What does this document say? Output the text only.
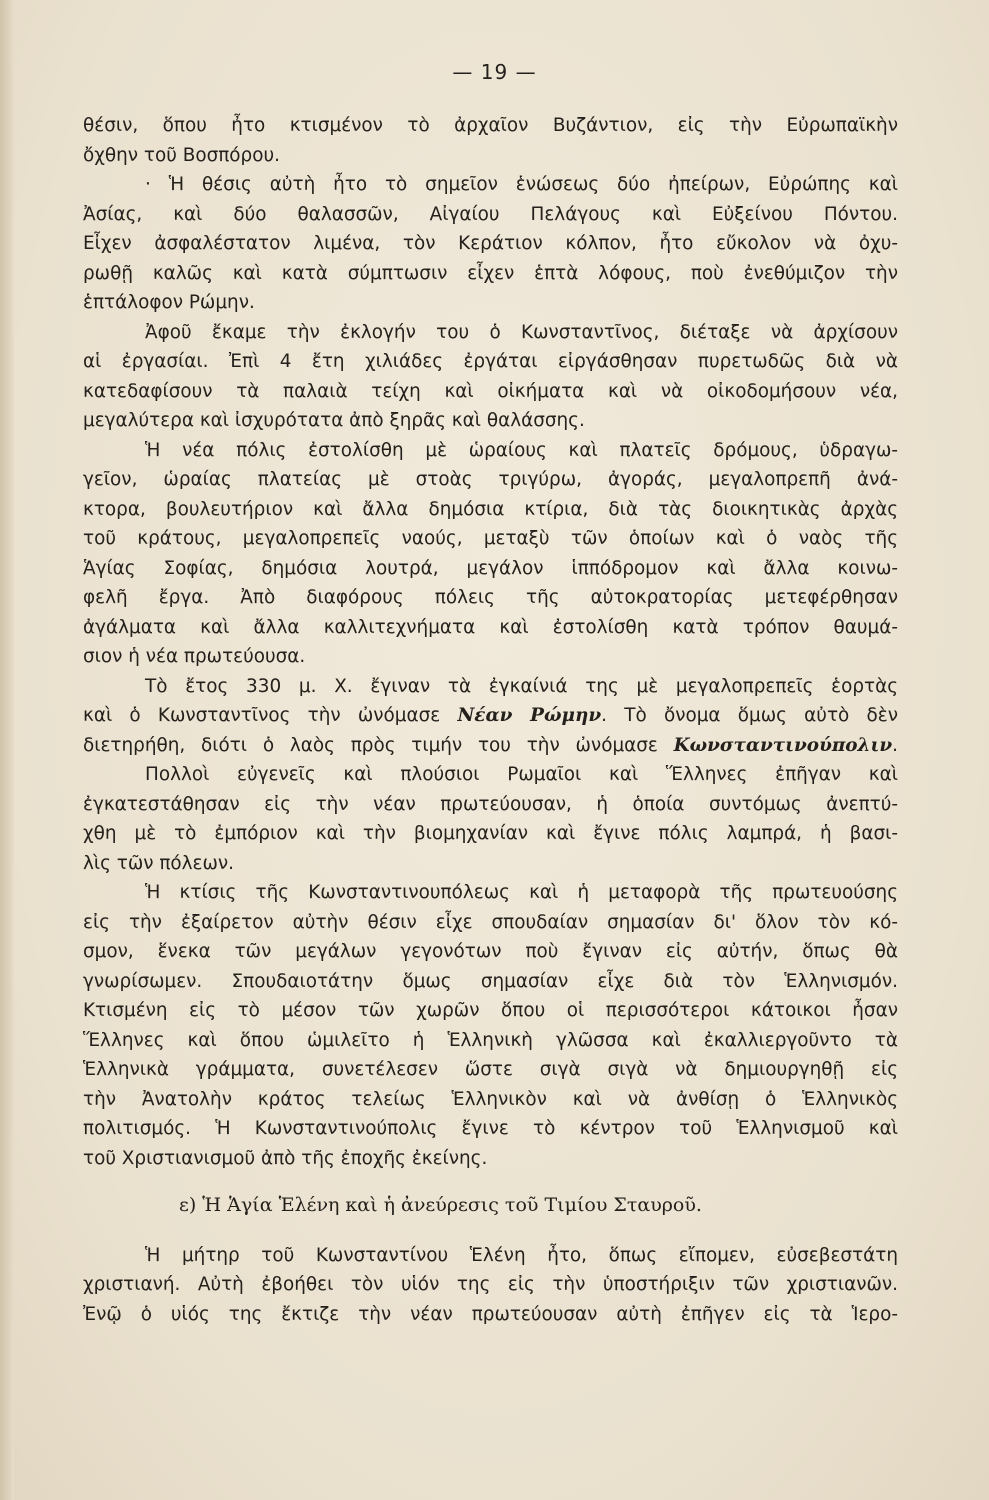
— 19 —
θέσιν, ὅπου ἦτο κτισμένον τὸ ἀρχαῖον Βυζάντιον, εἰς τὴν Εὐρωπαϊκὴν
ὄχθην τοῦ Βοσπόρου.
· Ἡ θέσις αὐτὴ ἦτο τὸ σημεῖον ἑνώσεως δύο ἠπείρων, Εὐρώπης καὶ
Ἀσίας, καὶ δύο θαλασσῶν, Αἰγαίου Πελάγους καὶ Εὐξείνου Πόντου.
Εἶχεν ἀσφαλέστατον λιμένα, τὸν Κεράτιον κόλπον, ἦτο εὔκολον νὰ ὀχυ-
ρωθῇ καλῶς καὶ κατὰ σύμπτωσιν εἶχεν ἑπτὰ λόφους, ποὺ ἐνεθύμιζον τὴν
ἑπτάλοφον Ρώμην.
Ἀφοῦ ἔκαμε τὴν ἐκλογήν του ὁ Κωνσταντῖνος, διέταξε νὰ ἀρχίσουν
αἱ ἐργασίαι. Ἐπὶ 4 ἔτη χιλιάδες ἐργάται εἰργάσθησαν πυρετωδῶς διὰ νὰ
κατεδαφίσουν τὰ παλαιὰ τείχη καὶ οἰκήματα καὶ νὰ οἰκοδομήσουν νέα,
μεγαλύτερα καὶ ἰσχυρότατα ἀπὸ ξηρᾶς καὶ θαλάσσης.
Ἡ νέα πόλις ἐστολίσθη μὲ ὡραίους καὶ πλατεῖς δρόμους, ὑδραγω-
γεῖον, ὡραίας πλατείας μὲ στοὰς τριγύρω, ἀγοράς, μεγαλοπρεπῆ ἀνά-
κτορα, βουλευτήριον καὶ ἄλλα δημόσια κτίρια, διὰ τὰς διοικητικὰς ἀρχὰς
τοῦ κράτους, μεγαλοπρεπεῖς ναούς, μεταξὺ τῶν ὁποίων καὶ ὁ ναὸς τῆς
Ἁγίας Σοφίας, δημόσια λουτρά, μεγάλον ἱππόδρομον καὶ ἄλλα κοινω-
φελῆ ἔργα. Ἀπὸ διαφόρους πόλεις τῆς αὐτοκρατορίας μετεφέρθησαν
ἀγάλματα καὶ ἄλλα καλλιτεχνήματα καὶ ἐστολίσθη κατὰ τρόπον θαυμά-
σιον ἡ νέα πρωτεύουσα.
Τὸ ἔτος 330 μ. Χ. ἔγιναν τὰ ἐγκαίνιά της μὲ μεγαλοπρεπεῖς ἑορτὰς
καὶ ὁ Κωνσταντῖνος τὴν ὠνόμασε Νέαν Ρώμην. Τὸ ὄνομα ὅμως αὐτὸ δὲν
διετηρήθη, διότι ὁ λαὸς πρὸς τιμήν του τὴν ὠνόμασε Κωνσταντινούπολιν.
Πολλοὶ εὐγενεῖς καὶ πλούσιοι Ρωμαῖοι καὶ Ἕλληνες ἐπῆγαν καὶ
ἐγκατεστάθησαν εἰς τὴν νέαν πρωτεύουσαν, ἡ ὁποία συντόμως ἀνεπτύ-
χθη μὲ τὸ ἐμπόριον καὶ τὴν βιομηχανίαν καὶ ἔγινε πόλις λαμπρά, ἡ βασι-
λὶς τῶν πόλεων.
Ἡ κτίσις τῆς Κωνσταντινουπόλεως καὶ ἡ μεταφορὰ τῆς πρωτευούσης
εἰς τὴν ἐξαίρετον αὐτὴν θέσιν εἶχε σπουδαίαν σημασίαν δι' ὅλον τὸν κό-
σμον, ἕνεκα τῶν μεγάλων γεγονότων ποὺ ἔγιναν εἰς αὐτήν, ὅπως θὰ
γνωρίσωμεν. Σπουδαιοτάτην ὅμως σημασίαν εἶχε διὰ τὸν Ἑλληνισμόν.
Κτισμένη εἰς τὸ μέσον τῶν χωρῶν ὅπου οἱ περισσότεροι κάτοικοι ἦσαν
Ἕλληνες καὶ ὅπου ὡμιλεῖτο ἡ Ἑλληνικὴ γλῶσσα καὶ ἐκαλλιεργοῦντο τὰ
Ἑλληνικὰ γράμματα, συνετέλεσεν ὥστε σιγὰ σιγὰ νὰ δημιουργηθῇ εἰς
τὴν Ἀνατολὴν κράτος τελείως Ἑλληνικὸν καὶ νὰ ἀνθίσῃ ὁ Ἑλληνικὸς
πολιτισμός. Ἡ Κωνσταντινούπολις ἔγινε τὸ κέντρον τοῦ Ἑλληνισμοῦ καὶ
τοῦ Χριστιανισμοῦ ἀπὸ τῆς ἐποχῆς ἐκείνης.
ε) Ἡ Ἁγία Ἑλένη καὶ ἡ ἀνεύρεσις τοῦ Τιμίου Σταυροῦ.
Ἡ μήτηρ τοῦ Κωνσταντίνου Ἑλένη ἦτο, ὅπως εἴπομεν, εὐσεβεστάτη
χριστιανή. Αὐτὴ ἐβοήθει τὸν υἱόν της εἰς τὴν ὑποστήριξιν τῶν χριστιανῶν.
Ἐνῷ ὁ υἱός της ἔκτιζε τὴν νέαν πρωτεύουσαν αὐτὴ ἐπῆγεν εἰς τὰ Ἱερο-
